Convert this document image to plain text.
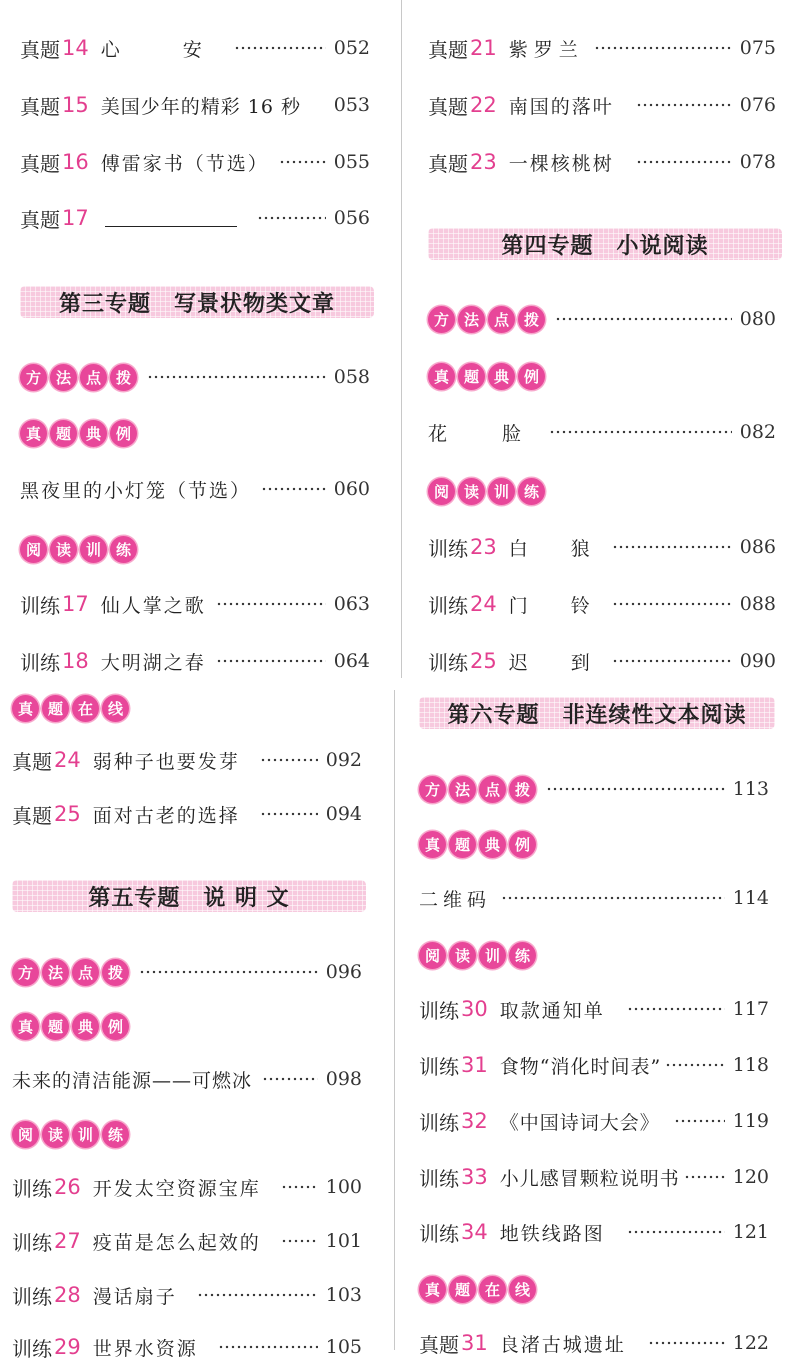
真题 14 心　安	052
真题 15 美国少年的精彩 16 秒 053
真题 16 傅雷家书（节选）	055
真题 17	056
第三专题　写景状物类文章
方 法 点 拨	058
真 题 典 例
黑夜里的小灯笼（节选）	060
阅 读 训 练
训练 17 仙人掌之歌	063
训练 18 大明湖之春	064
真题 21 紫罗兰	075
真题 22 南国的落叶	076
真题 23 一棵核桃树	078
第四专题　小说阅读
方 法 点 拨	080
真 题 典 例
花　脸	082
阅 读 训 练
训练 23 白　狼	086
训练 24 门　铃	088
训练 25 迟　到	090
真 题 在 线
真题 24 弱种子也要发芽	092
真题 25 面对古老的选择	094
第五专题　说 明 文
方 法 点 拨	096
真 题 典 例
未来的清洁能源——可燃冰	098
阅 读 训 练
训练 26 开发太空资源宝库	100
训练 27 疫苗是怎么起效的	101
训练 28 漫话扇子	103
训练 29 世界水资源	105
第六专题　非连续性文本阅读
方 法 点 拨	113
真 题 典 例
二维码	114
阅 读 训 练
训练 30 取款通知单	117
训练 31 食物“消化时间表”	118
训练 32 《中国诗词大会》	119
训练 33 小儿感冒颗粒说明书	120
训练 34 地铁线路图	121
真 题 在 线
真题 31 良渚古城遗址	122
